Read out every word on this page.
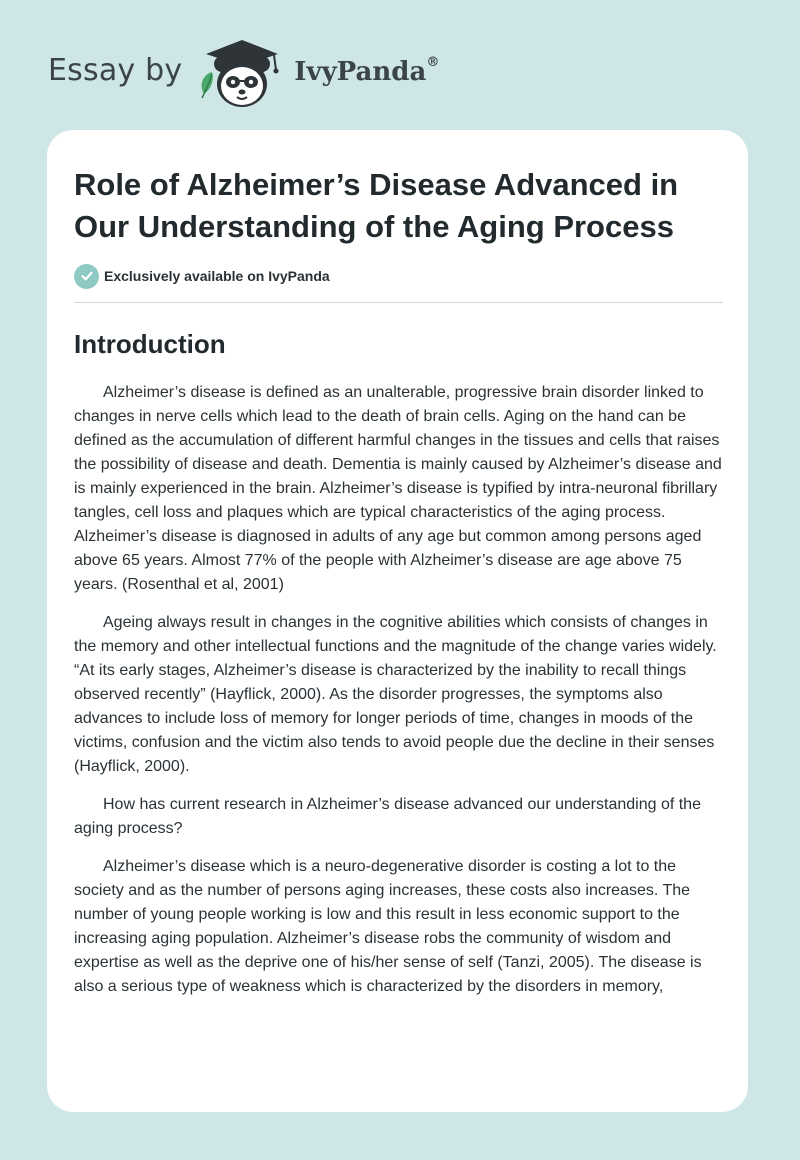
Essay by	IvyPanda®
Role of Alzheimer’s Disease Advanced in Our Understanding of the Aging Process
Exclusively available on IvyPanda
Introduction

Alzheimer’s disease is defined as an unalterable, progressive brain disorder linked to changes in nerve cells which lead to the death of brain cells. Aging on the hand can be defined as the accumulation of different harmful changes in the tissues and cells that raises the possibility of disease and death. Dementia is mainly caused by Alzheimer’s disease and is mainly experienced in the brain. Alzheimer’s disease is typified by intra-neuronal fibrillary tangles, cell loss and plaques which are typical characteristics of the aging process. Alzheimer’s disease is diagnosed in adults of any age but common among persons aged above 65 years. Almost 77% of the people with Alzheimer’s disease are age above 75 years. (Rosenthal et al, 2001)

Ageing always result in changes in the cognitive abilities which consists of changes in the memory and other intellectual functions and the magnitude of the change varies widely. “At its early stages, Alzheimer’s disease is characterized by the inability to recall things observed recently” (Hayflick, 2000). As the disorder progresses, the symptoms also advances to include loss of memory for longer periods of time, changes in moods of the victims, confusion and the victim also tends to avoid people due the decline in their senses (Hayflick, 2000).

How has current research in Alzheimer’s disease advanced our understanding of the aging process?

Alzheimer’s disease which is a neuro-degenerative disorder is costing a lot to the society and as the number of persons aging increases, these costs also increases. The number of young people working is low and this result in less economic support to the increasing aging population. Alzheimer’s disease robs the community of wisdom and expertise as well as the deprive one of his/her sense of self (Tanzi, 2005). The disease is also a serious type of weakness which is characterized by the disorders in memory,
